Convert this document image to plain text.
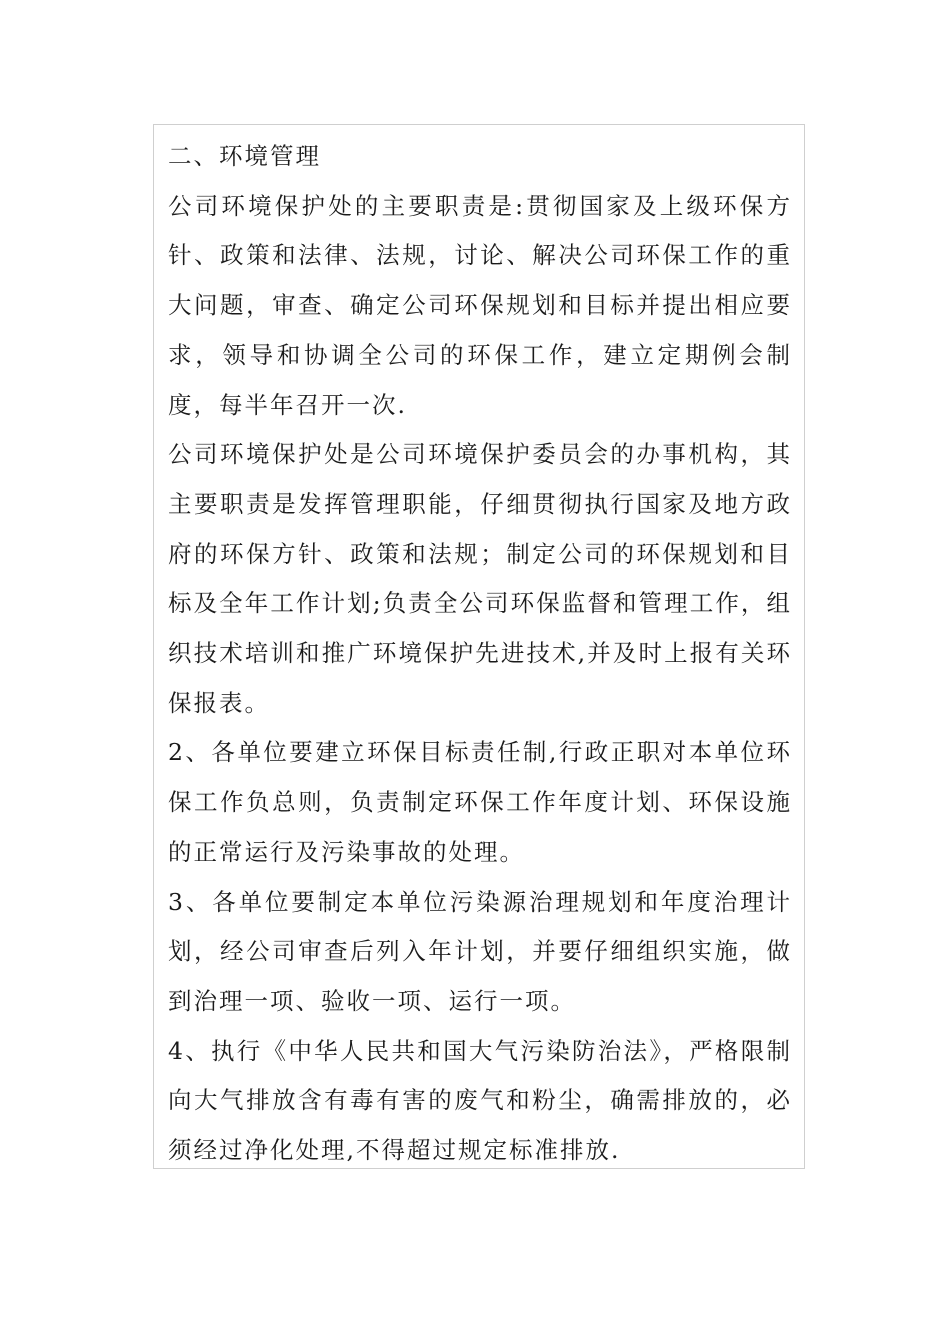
二、环境管理

公司环境保护处的主要职责是:贯彻国家及上级环保方针、政策和法律、法规，讨论、解决公司环保工作的重大问题，审查、确定公司环保规划和目标并提出相应要求，领导和协调全公司的环保工作，建立定期例会制度，每半年召开一次.

公司环境保护处是公司环境保护委员会的办事机构，其主要职责是发挥管理职能，仔细贯彻执行国家及地方政府的环保方针、政策和法规；制定公司的环保规划和目标及全年工作计划;负责全公司环保监督和管理工作，组织技术培训和推广环境保护先进技术,并及时上报有关环保报表。

2、各单位要建立环保目标责任制,行政正职对本单位环保工作负总则，负责制定环保工作年度计划、环保设施的正常运行及污染事故的处理。

3、各单位要制定本单位污染源治理规划和年度治理计划，经公司审查后列入年计划，并要仔细组织实施，做到治理一项、验收一项、运行一项。

4、执行《中华人民共和国大气污染防治法》，严格限制向大气排放含有毒有害的废气和粉尘，确需排放的，必须经过净化处理,不得超过规定标准排放.
